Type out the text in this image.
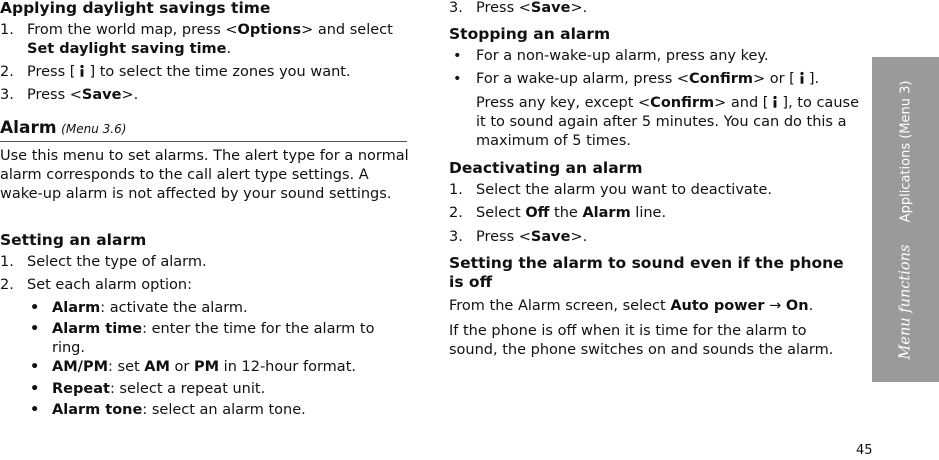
Applying daylight savings time
1. From the world map, press <Options> and select Set daylight saving time.
2. Press [ ] to select the time zones you want.
3. Press <Save>.
Alarm (Menu 3.6)

Use this menu to set alarms. The alert type for a normal alarm corresponds to the call alert type settings. A wake-up alarm is not affected by your sound settings.

Setting an alarm
1. Select the type of alarm.
2. Set each alarm option:
• Alarm: activate the alarm.
• Alarm time: enter the time for the alarm to ring.
• AM/PM: set AM or PM in 12-hour format.
• Repeat: select a repeat unit.
• Alarm tone: select an alarm tone.
3. Press <Save>.
Stopping an alarm
• For a non-wake-up alarm, press any key.
• For a wake-up alarm, press <Confirm> or [ ].
Press any key, except <Confirm> and [ ], to cause it to sound again after 5 minutes. You can do this a maximum of 5 times.
Deactivating an alarm
1. Select the alarm you want to deactivate.
2. Select Off the Alarm line.
3. Press <Save>.
Setting the alarm to sound even if the phone is off

From the Alarm screen, select Auto power → On.

If the phone is off when it is time for the alarm to sound, the phone switches on and sounds the alarm.	Menu functions  Applications (Menu 3)
45
